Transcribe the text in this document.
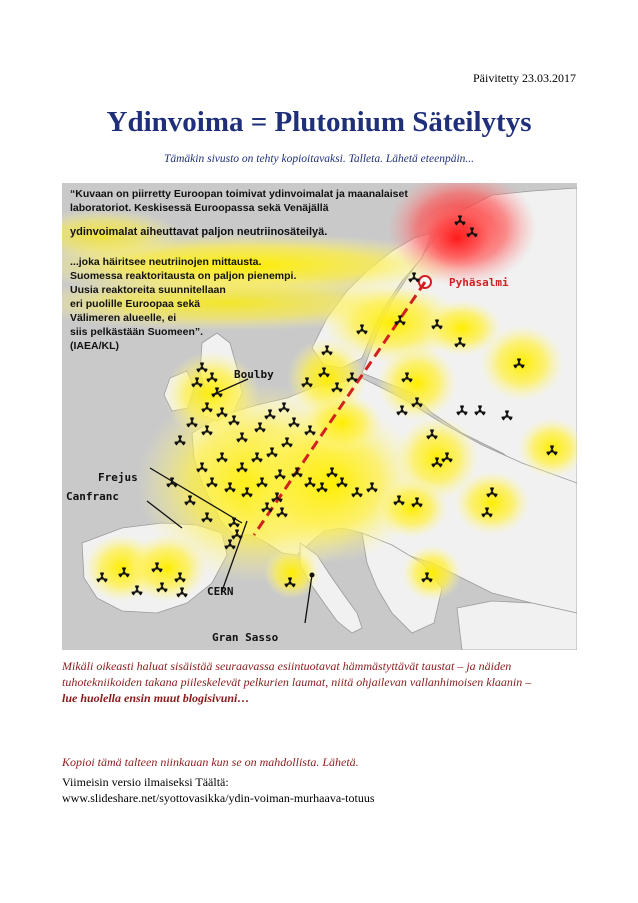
Päivitetty 23.03.2017
Ydinvoima = Plutonium Säteilytys
Tämäkin sivusto on tehty kopioitavaksi. Talleta. Lähetä eteenpäin...
“Kuvaan on piirretty Euroopan toimivat ydinvoimalat ja maanalaiset
laboratoriot. Keskisessä Euroopassa sekä Venäjällä
ydinvoimalat aiheuttavat paljon neutriinosäteilyä.
...joka häiritsee neutriinojen mittausta.
Suomessa reaktoritausta on paljon pienempi.
Uusia reaktoreita suunnitellaan
eri puolille Euroopaa sekä
Välimeren alueelle, ei
siis pelkästään Suomeen”.
(IAEA/KL)
Pyhäsalmi
Boulby
Frejus
Canfranc
CERN
Gran Sasso
Mikäli oikeasti haluat sisäistää seuraavassa esiintuotavat hämmästyttävät taustat – ja näiden tuhotekniikoiden takana piileskelevät pelkurien laumat, niitä ohjailevan vallanhimoisen klaanin –
lue huolella ensin muut blogisivuni…
Kopioi tämä talteen niinkauan kun se on mahdollista. Lähetä.
Viimeisin versio ilmaiseksi Täältä:
www.slideshare.net/syottovasikka/ydin-voiman-murhaava-totuus
